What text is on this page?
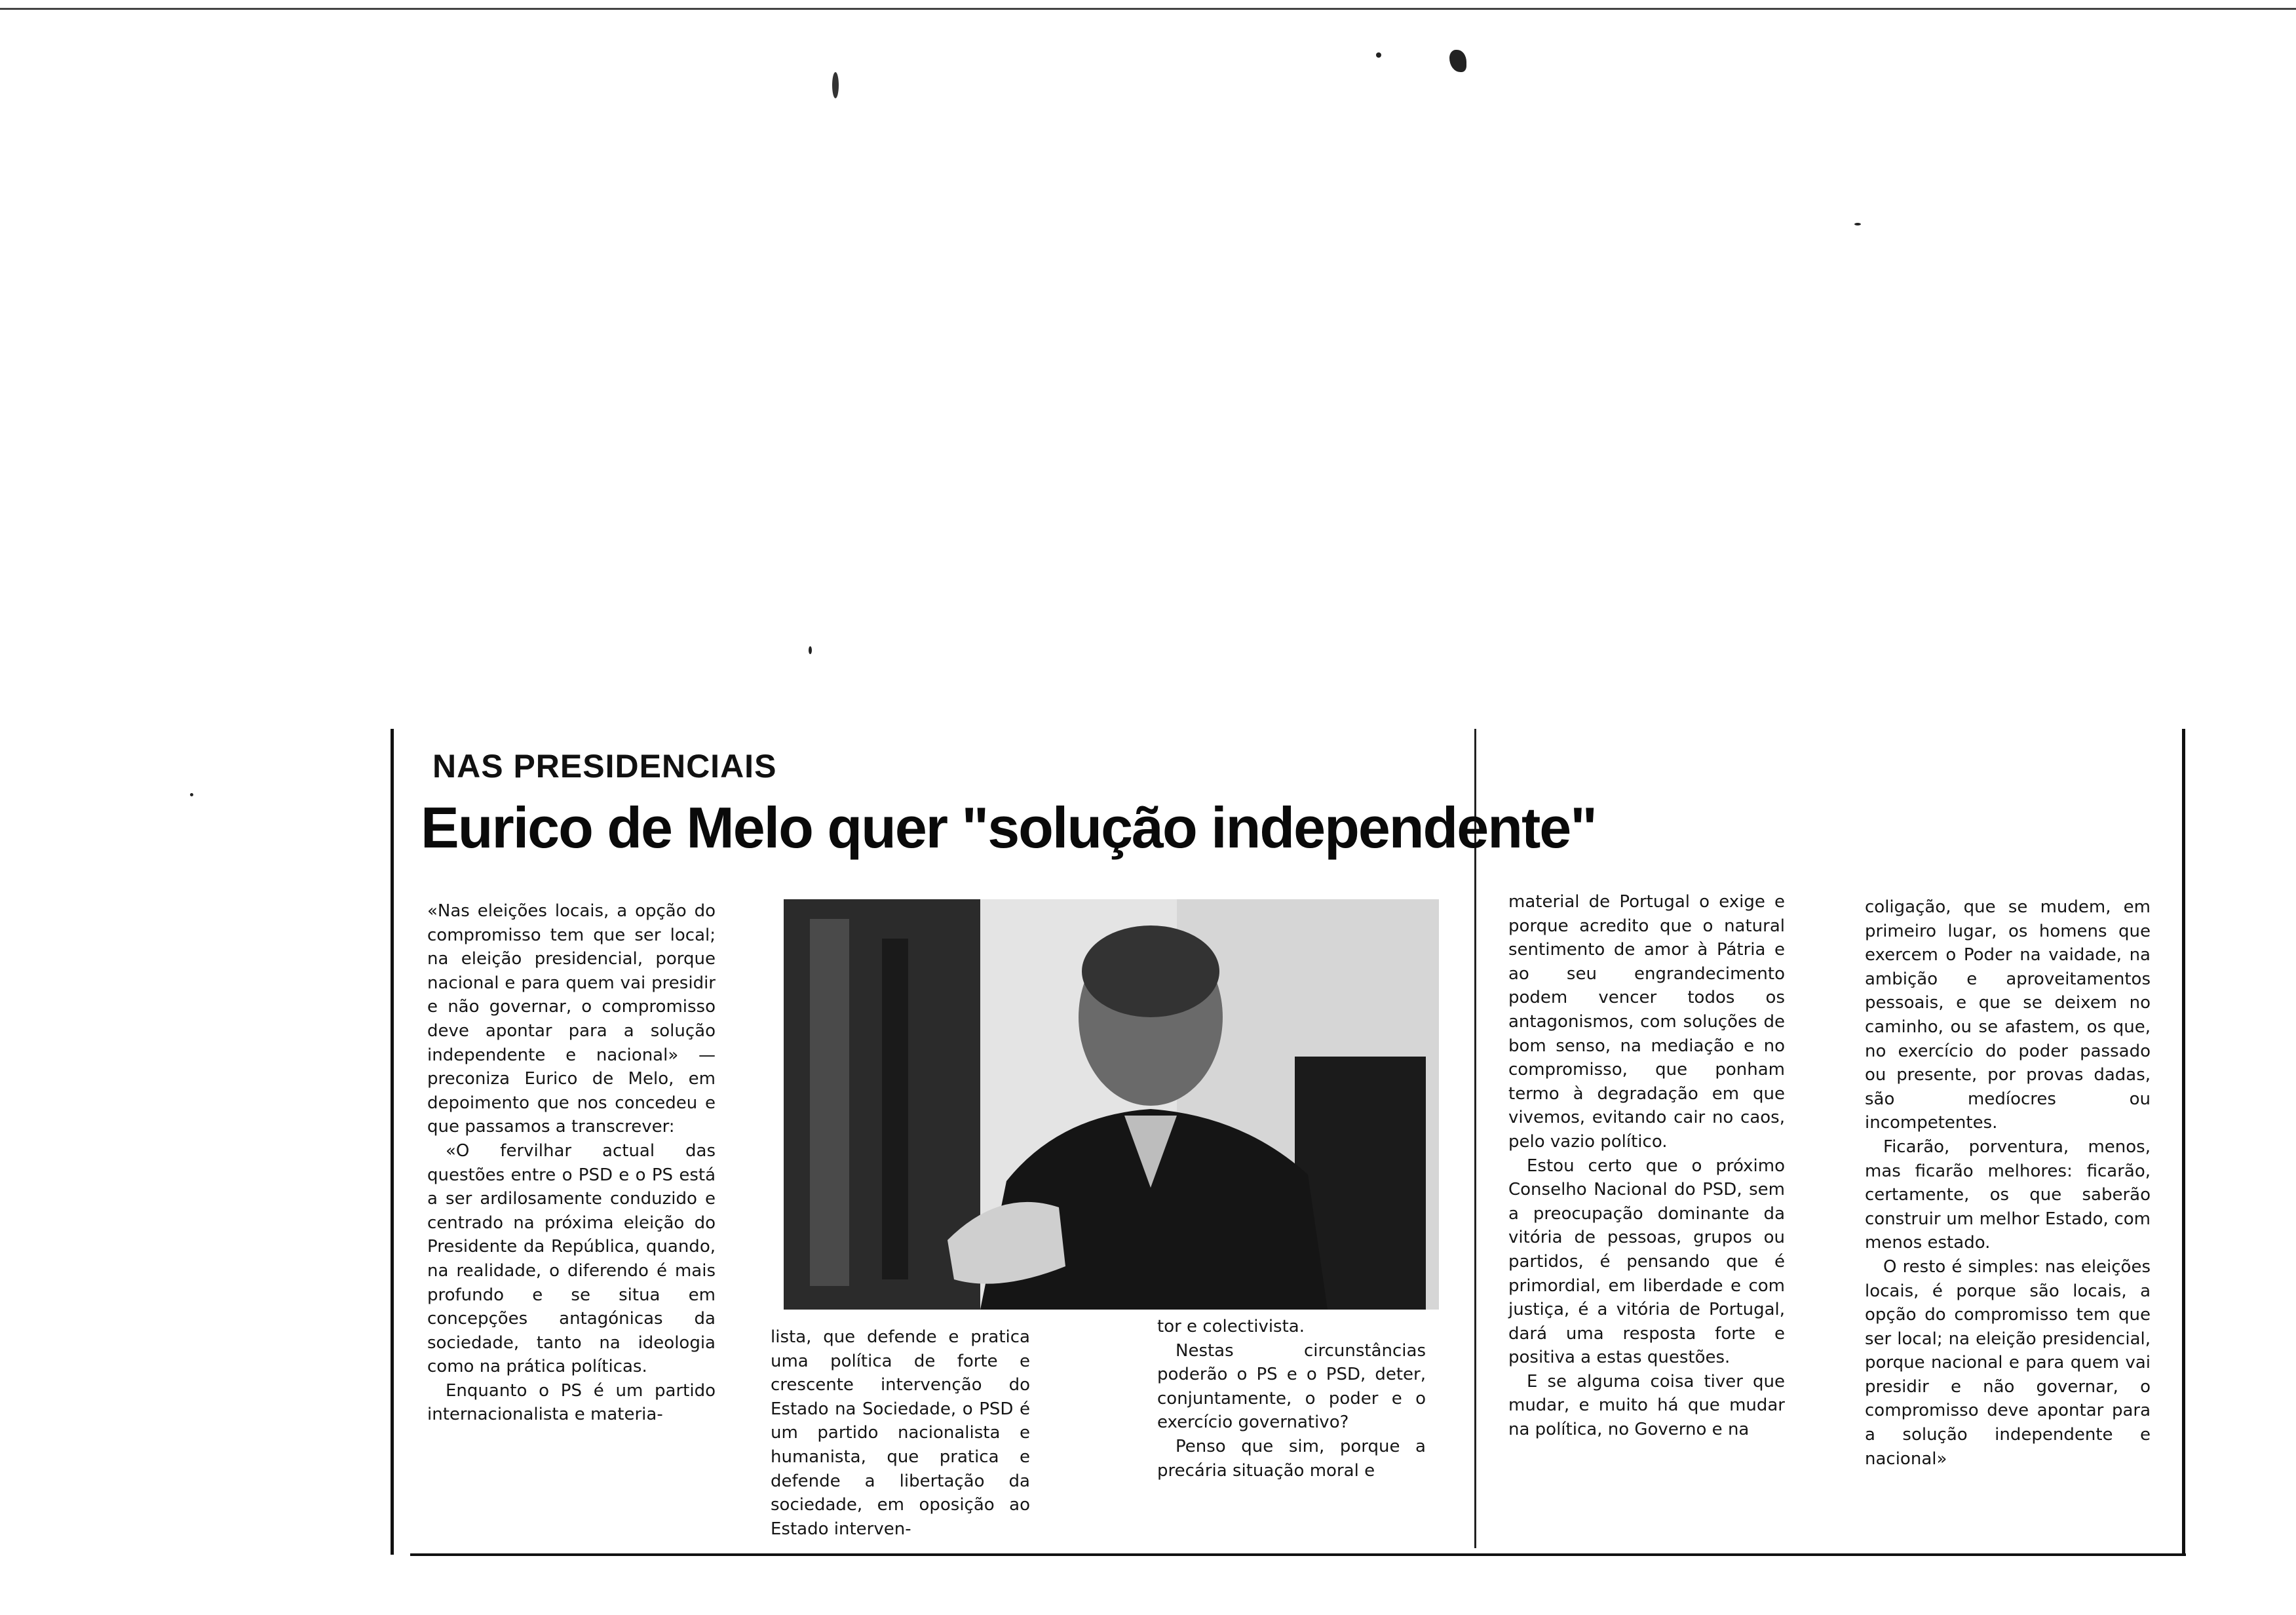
NAS PRESIDENCIAIS
Eurico de Melo quer "solução independente"

«Nas eleições locais, a opção do compromisso tem que ser local; na eleição presidencial, porque nacional e para quem vai presidir e não governar, o compromisso deve apontar para a solução independente e nacional» — preconiza Eurico de Melo, em depoimento que nos concedeu e que passamos a transcrever:

«O fervilhar actual das questões entre o PSD e o PS está a ser ardilosamente conduzido e centrado na próxima eleição do Presidente da República, quando, na realidade, o diferendo é mais profundo e se situa em concepções antagónicas da sociedade, tanto na ideologia como na prática políticas.

Enquanto o PS é um partido internacionalista e materia-

lista, que defende e pratica uma política de forte e crescente intervenção do Estado na Sociedade, o PSD é um partido nacionalista e humanista, que pratica e defende a libertação da sociedade, em oposição ao Estado interven-

tor e colectivista.

Nestas circunstâncias poderão o PS e o PSD, deter, conjuntamente, o poder e o exercício governativo?

Penso que sim, porque a precária situação moral e

material de Portugal o exige e porque acredito que o natural sentimento de amor à Pátria e ao seu engrandecimento podem vencer todos os antagonismos, com soluções de bom senso, na mediação e no compromisso, que ponham termo à degradação em que vivemos, evitando cair no caos, pelo vazio político.

Estou certo que o próximo Conselho Nacional do PSD, sem a preocupação dominante da vitória de pessoas, grupos ou partidos, é pensando que é primordial, em liberdade e com justiça, é a vitória de Portugal, dará uma resposta forte e positiva a estas questões.

E se alguma coisa tiver que mudar, e muito há que mudar na política, no Governo e na

coligação, que se mudem, em primeiro lugar, os homens que exercem o Poder na vaidade, na ambição e aproveitamentos pessoais, e que se deixem no caminho, ou se afastem, os que, no exercício do poder passado ou presente, por provas dadas, são medíocres ou incompetentes.

Ficarão, porventura, menos, mas ficarão melhores: ficarão, certamente, os que saberão construir um melhor Estado, com menos estado.

O resto é simples: nas eleições locais, é porque são locais, a opção do compromisso tem que ser local; na eleição presidencial, porque nacional e para quem vai presidir e não governar, o compromisso deve apontar para a solução independente e nacional»
